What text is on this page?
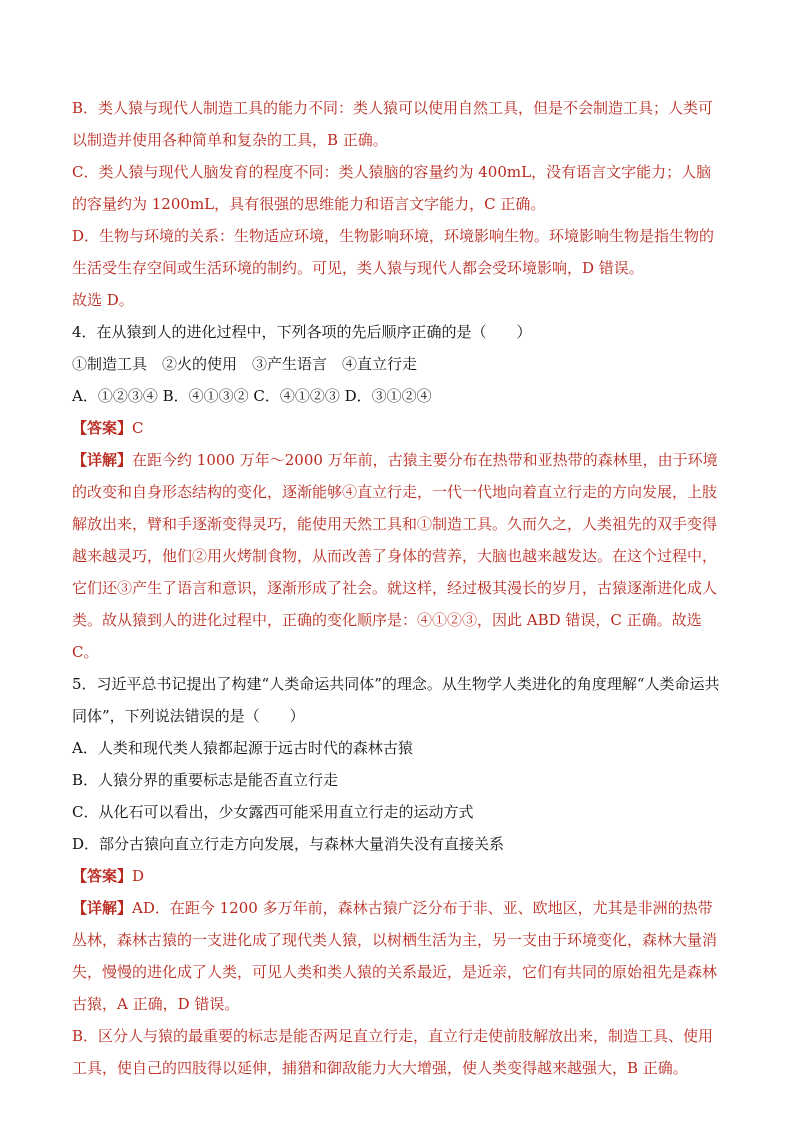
B．类人猿与现代人制造工具的能力不同：类人猿可以使用自然工具，但是不会制造工具；人类可以制造并使用各种简单和复杂的工具，B 正确。

C．类人猿与现代人脑发育的程度不同：类人猿脑的容量约为 400mL，没有语言文字能力；人脑的容量约为 1200mL，具有很强的思维能力和语言文字能力，C 正确。

D．生物与环境的关系：生物适应环境，生物影响环境，环境影响生物。环境影响生物是指生物的生活受生存空间或生活环境的制约。可见，类人猿与现代人都会受环境影响，D 错误。

故选 D。

4．在从猿到人的进化过程中，下列各项的先后顺序正确的是（　　）

①制造工具　②火的使用　③产生语言　④直立行走

A．①②③④ B．④①③② C．④①②③ D．③①②④

【答案】C

【详解】在距今约 1000 万年～2000 万年前，古猿主要分布在热带和亚热带的森林里，由于环境的改变和自身形态结构的变化，逐渐能够④直立行走，一代一代地向着直立行走的方向发展，上肢解放出来，臂和手逐渐变得灵巧，能使用天然工具和①制造工具。久而久之，人类祖先的双手变得越来越灵巧，他们②用火烤制食物，从而改善了身体的营养，大脑也越来越发达。在这个过程中，它们还③产生了语言和意识，逐渐形成了社会。就这样，经过极其漫长的岁月，古猿逐渐进化成人类。故从猿到人的进化过程中，正确的变化顺序是：④①②③，因此 ABD 错误，C 正确。故选 C。

5．习近平总书记提出了构建“人类命运共同体”的理念。从生物学人类进化的角度理解“人类命运共同体”，下列说法错误的是（　　）

A．人类和现代类人猿都起源于远古时代的森林古猿

B．人猿分界的重要标志是能否直立行走

C．从化石可以看出，少女露西可能采用直立行走的运动方式

D．部分古猿向直立行走方向发展，与森林大量消失没有直接关系

【答案】D

【详解】AD．在距今 1200 多万年前，森林古猿广泛分布于非、亚、欧地区，尤其是非洲的热带丛林，森林古猿的一支进化成了现代类人猿，以树栖生活为主，另一支由于环境变化，森林大量消失，慢慢的进化成了人类，可见人类和类人猿的关系最近，是近亲，它们有共同的原始祖先是森林古猿，A 正确，D 错误。

B．区分人与猿的最重要的标志是能否两足直立行走，直立行走使前肢解放出来，制造工具、使用工具，使自己的四肢得以延伸，捕猎和御敌能力大大增强，使人类变得越来越强大，B 正确。
